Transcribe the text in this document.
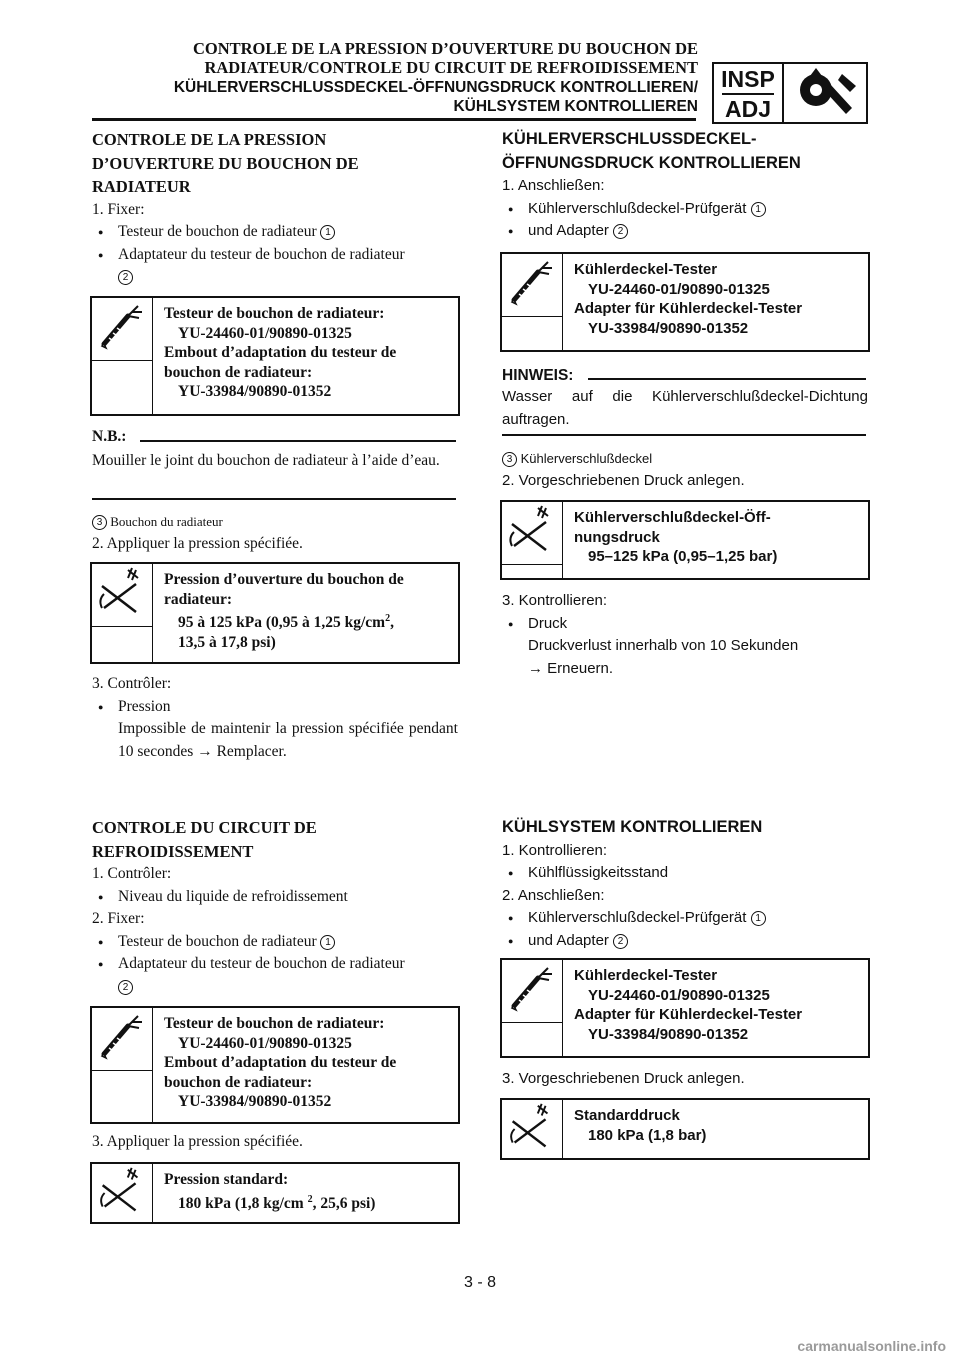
CONTROLE DE LA PRESSION D’OUVERTURE DU BOUCHON DE
RADIATEUR/CONTROLE DU CIRCUIT DE REFROIDISSEMENT
KÜHLERVERSCHLUSSDECKEL-ÖFFNUNGSDRUCK KONTROLLIEREN/
KÜHLSYSTEM KONTROLLIEREN
INSP
ADJ
CONTROLE DE LA PRESSION
D’OUVERTURE DU BOUCHON DE
RADIATEUR
1. Fixer:
● Testeur de bouchon de radiateur 1
● Adaptateur du testeur de bouchon de radiateur
2
Testeur de bouchon de radiateur:
YU-24460-01/90890-01325
Embout d’adaptation du testeur de
bouchon de radiateur:
YU-33984/90890-01352
N.B.:
Mouiller le joint du bouchon de radiateur à l’aide d’eau.
3 Bouchon du radiateur
2. Appliquer la pression spécifiée.
Pression d’ouverture du bouchon de
radiateur:
95 à 125 kPa (0,95 à 1,25 $kg/cm^2$,
13,5 à 17,8 psi)
3. Contrôler:
● Pression
Impossible de maintenir la pression spécifiée pendant 10 secondes → Remplacer.
KÜHLERVERSCHLUSSDECKEL-
ÖFFNUNGSDRUCK KONTROLLIEREN
1. Anschließen:
● Kühlerverschlußdeckel-Prüfgerät 1
● und Adapter 2
Kühlerdeckel-Tester
YU-24460-01/90890-01325
Adapter für Kühlerdeckel-Tester
YU-33984/90890-01352
HINWEIS:
Wasser auf die Kühlerverschlußdeckel-Dichtung auftragen.
3 Kühlerverschlußdeckel
2. Vorgeschriebenen Druck anlegen.
Kühlerverschlußdeckel-Öff-
nungsdruck
95–125 kPa (0,95–1,25 bar)
3. Kontrollieren:
● Druck
Druckverlust innerhalb von 10 Sekunden
→ Erneuern.
CONTROLE DU CIRCUIT DE
REFROIDISSEMENT
1. Contrôler:
● Niveau du liquide de refroidissement
2. Fixer:
● Testeur de bouchon de radiateur 1
● Adaptateur du testeur de bouchon de radiateur
2
Testeur de bouchon de radiateur:
YU-24460-01/90890-01325
Embout d’adaptation du testeur de
bouchon de radiateur:
YU-33984/90890-01352
3. Appliquer la pression spécifiée.
Pression standard:
180 kPa (1,8 kg/cm $^2$, 25,6 psi)
KÜHLSYSTEM KONTROLLIEREN
1. Kontrollieren:
● Kühlflüssigkeitsstand
2. Anschließen:
● Kühlerverschlußdeckel-Prüfgerät 1
● und Adapter 2
Kühlerdeckel-Tester
YU-24460-01/90890-01325
Adapter für Kühlerdeckel-Tester
YU-33984/90890-01352
3. Vorgeschriebenen Druck anlegen.
Standarddruck
180 kPa (1,8 bar)
3 - 8
carmanualsonline.info
